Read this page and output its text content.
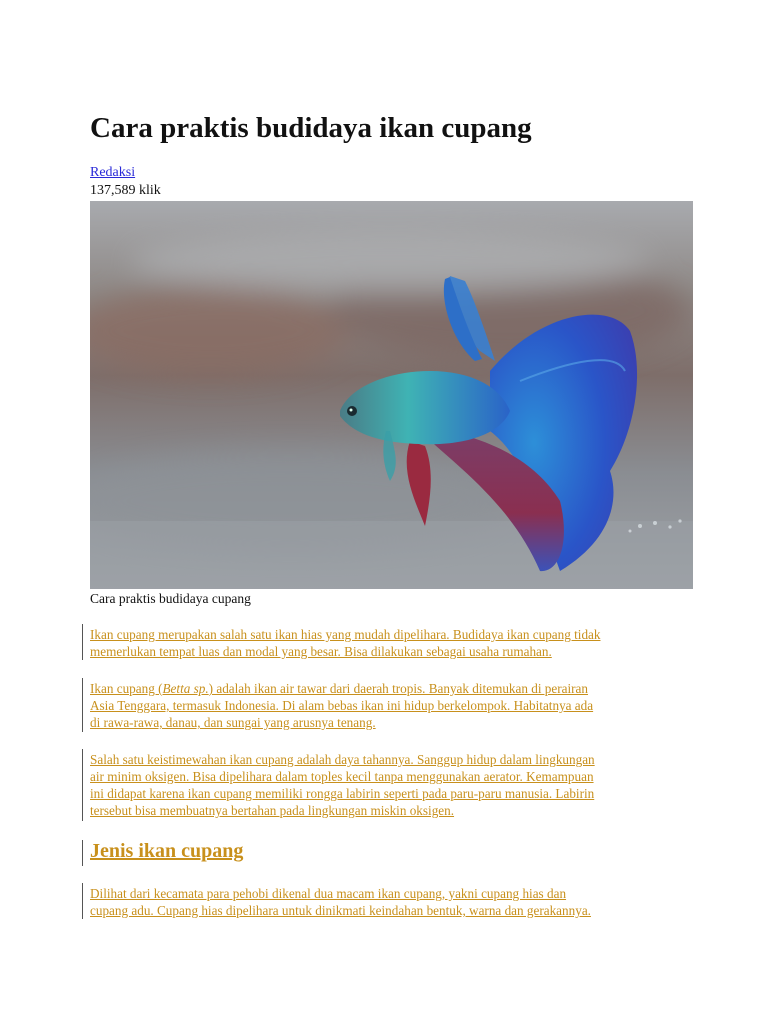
Cara praktis budidaya ikan cupang
Redaksi
137,589 klik
Cara praktis budidaya cupang
Ikan cupang merupakan salah satu ikan hias yang mudah dipelihara. Budidaya ikan cupang tidak
memerlukan tempat luas dan modal yang besar. Bisa dilakukan sebagai usaha rumahan.
Ikan cupang (Betta sp.) adalah ikan air tawar dari daerah tropis. Banyak ditemukan di perairan
Asia Tenggara, termasuk Indonesia. Di alam bebas ikan ini hidup berkelompok. Habitatnya ada
di rawa-rawa, danau, dan sungai yang arusnya tenang.
Salah satu keistimewahan ikan cupang adalah daya tahannya. Sanggup hidup dalam lingkungan
air minim oksigen. Bisa dipelihara dalam toples kecil tanpa menggunakan aerator. Kemampuan
ini didapat karena ikan cupang memiliki rongga labirin seperti pada paru-paru manusia. Labirin
tersebut bisa membuatnya bertahan pada lingkungan miskin oksigen.
Jenis ikan cupang
Dilihat dari kecamata para pehobi dikenal dua macam ikan cupang, yakni cupang hias dan
cupang adu. Cupang hias dipelihara untuk dinikmati keindahan bentuk, warna dan gerakannya.
